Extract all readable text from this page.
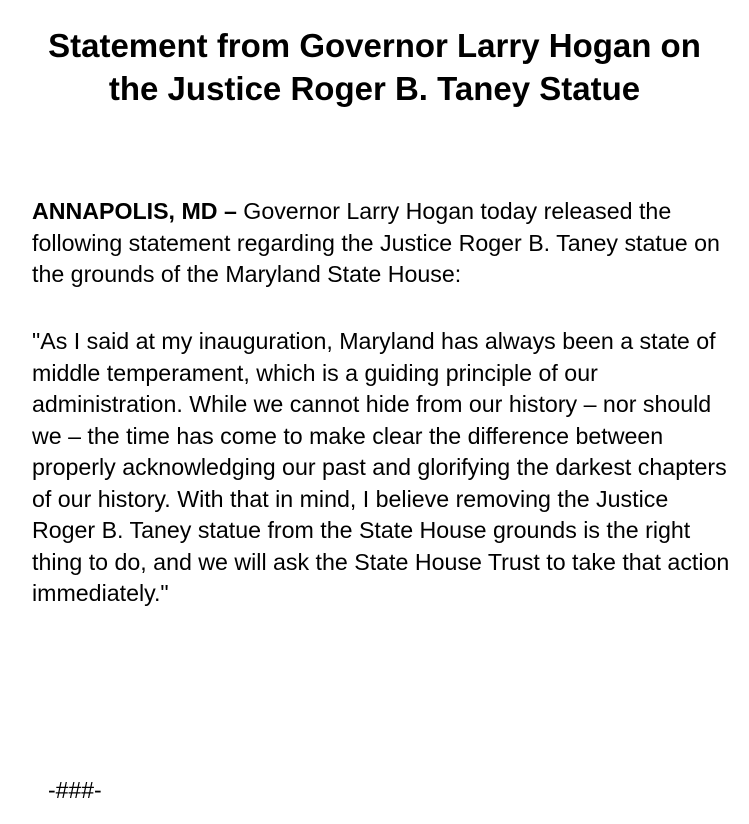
Statement from Governor Larry Hogan on the Justice Roger B. Taney Statue

ANNAPOLIS, MD – Governor Larry Hogan today released the following statement regarding the Justice Roger B. Taney statue on the grounds of the Maryland State House:

"As I said at my inauguration, Maryland has always been a state of middle temperament, which is a guiding principle of our administration. While we cannot hide from our history – nor should we – the time has come to make clear the difference between properly acknowledging our past and glorifying the darkest chapters of our history. With that in mind, I believe removing the Justice Roger B. Taney statue from the State House grounds is the right thing to do, and we will ask the State House Trust to take that action immediately."

-###-
